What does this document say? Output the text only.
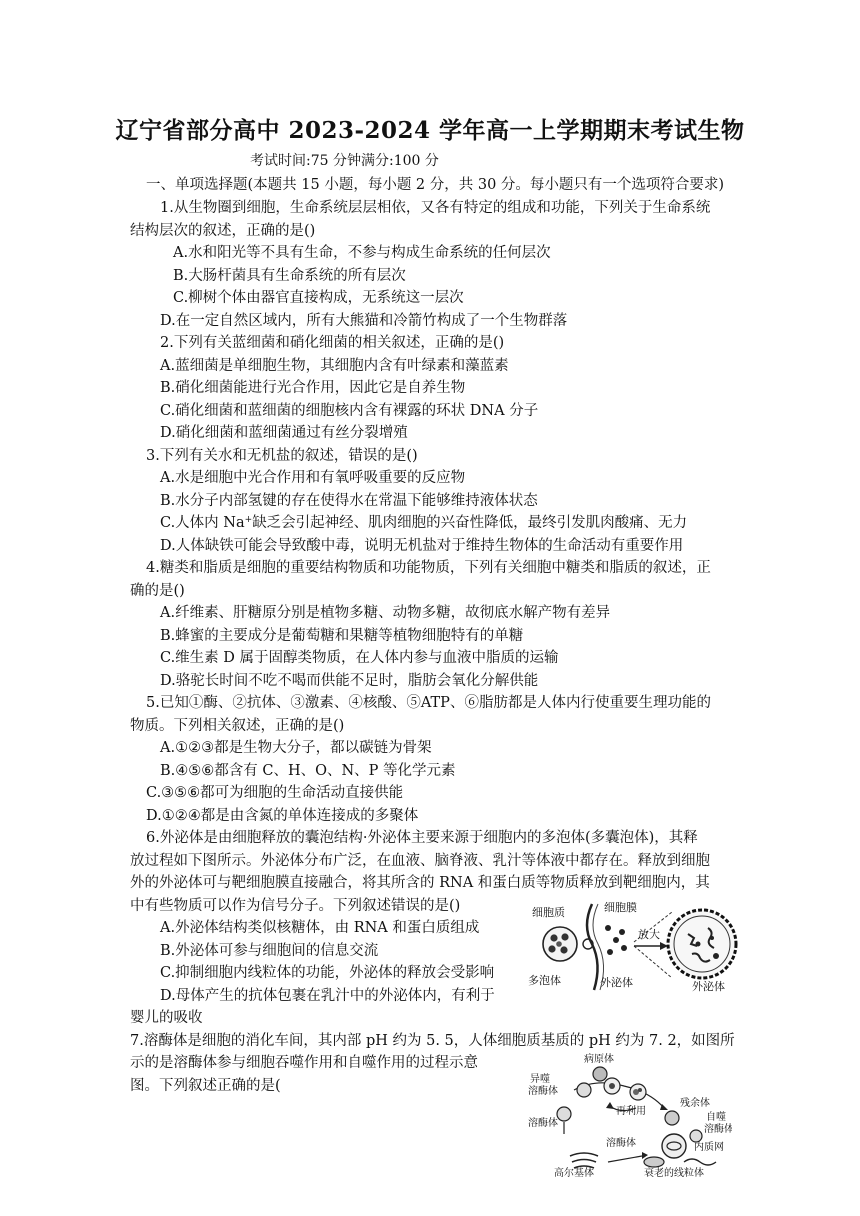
辽宁省部分高中 2023-2024 学年高一上学期期末考试生物
考试时间:75 分钟满分:100 分
一、单项选择题(本题共 15 小题，每小题 2 分，共 30 分。每小题只有一个选项符合要求)
1.从生物圈到细胞，生命系统层层相依，又各有特定的组成和功能，下列关于生命系统
结构层次的叙述，正确的是()
A.水和阳光等不具有生命，不参与构成生命系统的任何层次
B.大肠杆菌具有生命系统的所有层次
C.柳树个体由器官直接构成，无系统这一层次
D.在一定自然区域内，所有大熊猫和冷箭竹构成了一个生物群落
2.下列有关蓝细菌和硝化细菌的相关叙述，正确的是()
A.蓝细菌是单细胞生物，其细胞内含有叶绿素和藻蓝素
B.硝化细菌能进行光合作用，因此它是自养生物
C.硝化细菌和蓝细菌的细胞核内含有裸露的环状 DNA 分子
D.硝化细菌和蓝细菌通过有丝分裂增殖
3.下列有关水和无机盐的叙述，错误的是()
A.水是细胞中光合作用和有氧呼吸重要的反应物
B.水分子内部氢键的存在使得水在常温下能够维持液体状态
C.人体内 Na+缺乏会引起神经、肌肉细胞的兴奋性降低，最终引发肌肉酸痛、无力
D.人体缺铁可能会导致酸中毒，说明无机盐对于维持生物体的生命活动有重要作用
4.糖类和脂质是细胞的重要结构物质和功能物质，下列有关细胞中糖类和脂质的叙述，正
确的是()
A.纤维素、肝糖原分别是植物多糖、动物多糖，故彻底水解产物有差异
B.蜂蜜的主要成分是葡萄糖和果糖等植物细胞特有的单糖
C.维生素 D 属于固醇类物质，在人体内参与血液中脂质的运输
D.骆驼长时间不吃不喝而供能不足时，脂肪会氧化分解供能
5.已知①酶、②抗体、③激素、④核酸、⑤ATP、⑥脂肪都是人体内行使重要生理功能的
物质。下列相关叙述，正确的是()
A.①②③都是生物大分子，都以碳链为骨架
B.④⑤⑥都含有 C、H、O、N、P 等化学元素
C.③⑤⑥都可为细胞的生命活动直接供能
D.①②④都是由含氮的单体连接成的多聚体
6.外泌体是由细胞释放的囊泡结构·外泌体主要来源于细胞内的多泡体(多囊泡体)，其释
放过程如下图所示。外泌体分布广泛，在血液、脑脊液、乳汁等体液中都存在。释放到细胞
外的外泌体可与靶细胞膜直接融合，将其所含的 RNA 和蛋白质等物质释放到靶细胞内，其
中有些物质可以作为信号分子。下列叙述错误的是()
A.外泌体结构类似核糖体，由 RNA 和蛋白质组成
B.外泌体可参与细胞间的信息交流
C.抑制细胞内线粒体的功能，外泌体的释放会受影响
D.母体产生的抗体包裹在乳汁中的外泌体内，有利于
婴儿的吸收
细胞质	细胞膜
多泡体	外泌体
放大
外泌体
7.溶酶体是细胞的消化车间，其内部 pH 约为 5. 5，人体细胞质基质的 pH 约为 7. 2，如图所
示的是溶酶体参与细胞吞噬作用和自噬作用的过程示意
图。下列叙述正确的是(
病原体
异噬
溶酶体
溶酶体
再利用
残余体
自噬
溶酶体
溶酶体	内质网
高尔基体	衰老的线粒体
